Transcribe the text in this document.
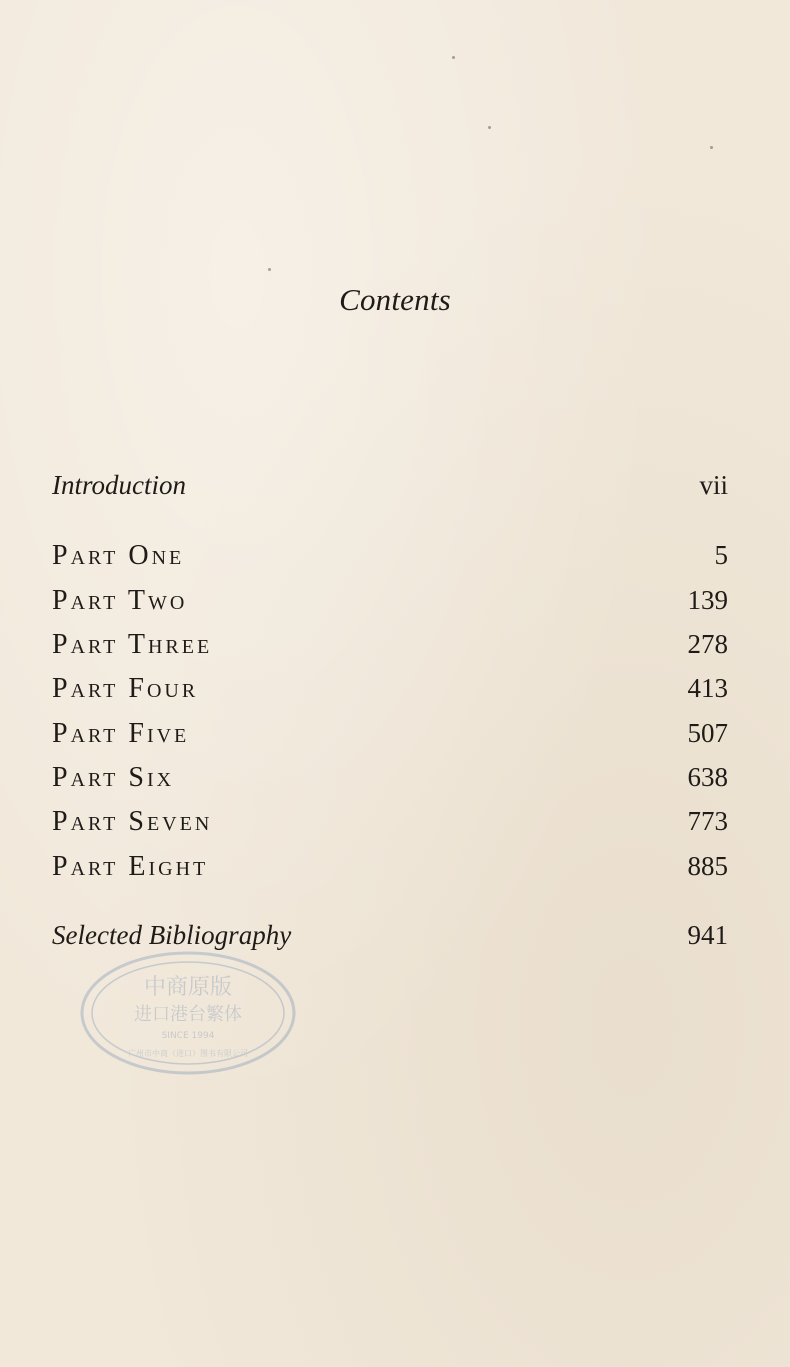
Contents
Introduction	vii
Part One	5
Part Two	139
Part Three	278
Part Four	413
Part Five	507
Part Six	638
Part Seven	773
Part Eight	885
Selected Bibliography	941
中商原版
进口港台繁体
SINCE 1994
广州市中商（进口）图书有限公司
